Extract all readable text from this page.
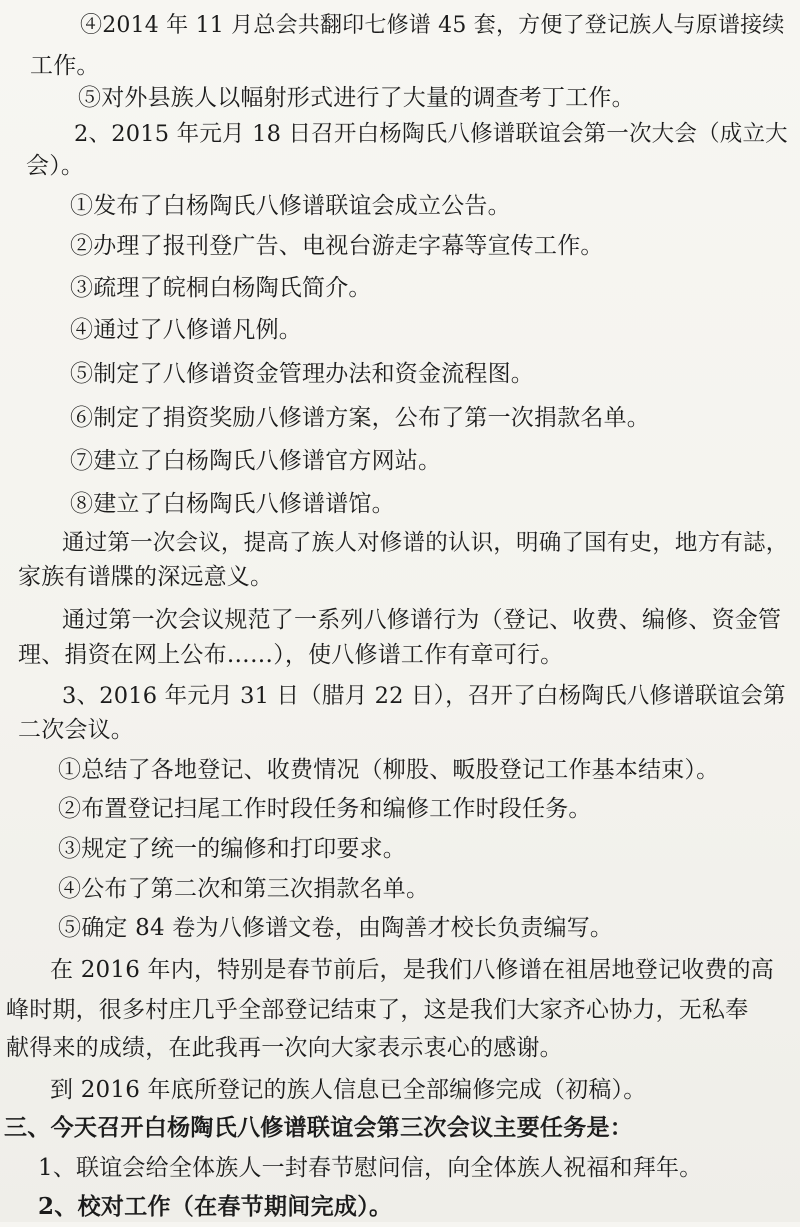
④2014 年 11 月总会共翻印七修谱 45 套，方便了登记族人与原谱接续
工作。
⑤对外县族人以幅射形式进行了大量的调查考丁工作。
2、2015 年元月 18 日召开白杨陶氏八修谱联谊会第一次大会（成立大
会）。
①发布了白杨陶氏八修谱联谊会成立公告。
②办理了报刊登广告、电视台游走字幕等宣传工作。
③疏理了皖桐白杨陶氏简介。
④通过了八修谱凡例。
⑤制定了八修谱资金管理办法和资金流程图。
⑥制定了捐资奖励八修谱方案，公布了第一次捐款名单。
⑦建立了白杨陶氏八修谱官方网站。
⑧建立了白杨陶氏八修谱谱馆。
通过第一次会议，提高了族人对修谱的认识，明确了国有史，地方有誌，
家族有谱牒的深远意义。
通过第一次会议规范了一系列八修谱行为（登记、收费、编修、资金管
理、捐资在网上公布……），使八修谱工作有章可行。
3、2016 年元月 31 日（腊月 22 日），召开了白杨陶氏八修谱联谊会第
二次会议。
①总结了各地登记、收费情况（柳股、畈股登记工作基本结束）。
②布置登记扫尾工作时段任务和编修工作时段任务。
③规定了统一的编修和打印要求。
④公布了第二次和第三次捐款名单。
⑤确定 84 卷为八修谱文卷，由陶善才校长负责编写。
在 2016 年内，特别是春节前后，是我们八修谱在祖居地登记收费的高
峰时期，很多村庄几乎全部登记结束了，这是我们大家齐心协力，无私奉
献得来的成绩，在此我再一次向大家表示衷心的感谢。
到 2016 年底所登记的族人信息已全部编修完成（初稿）。
三、今天召开白杨陶氏八修谱联谊会第三次会议主要任务是：
1、联谊会给全体族人一封春节慰问信，向全体族人祝福和拜年。
2、校对工作（在春节期间完成）。
